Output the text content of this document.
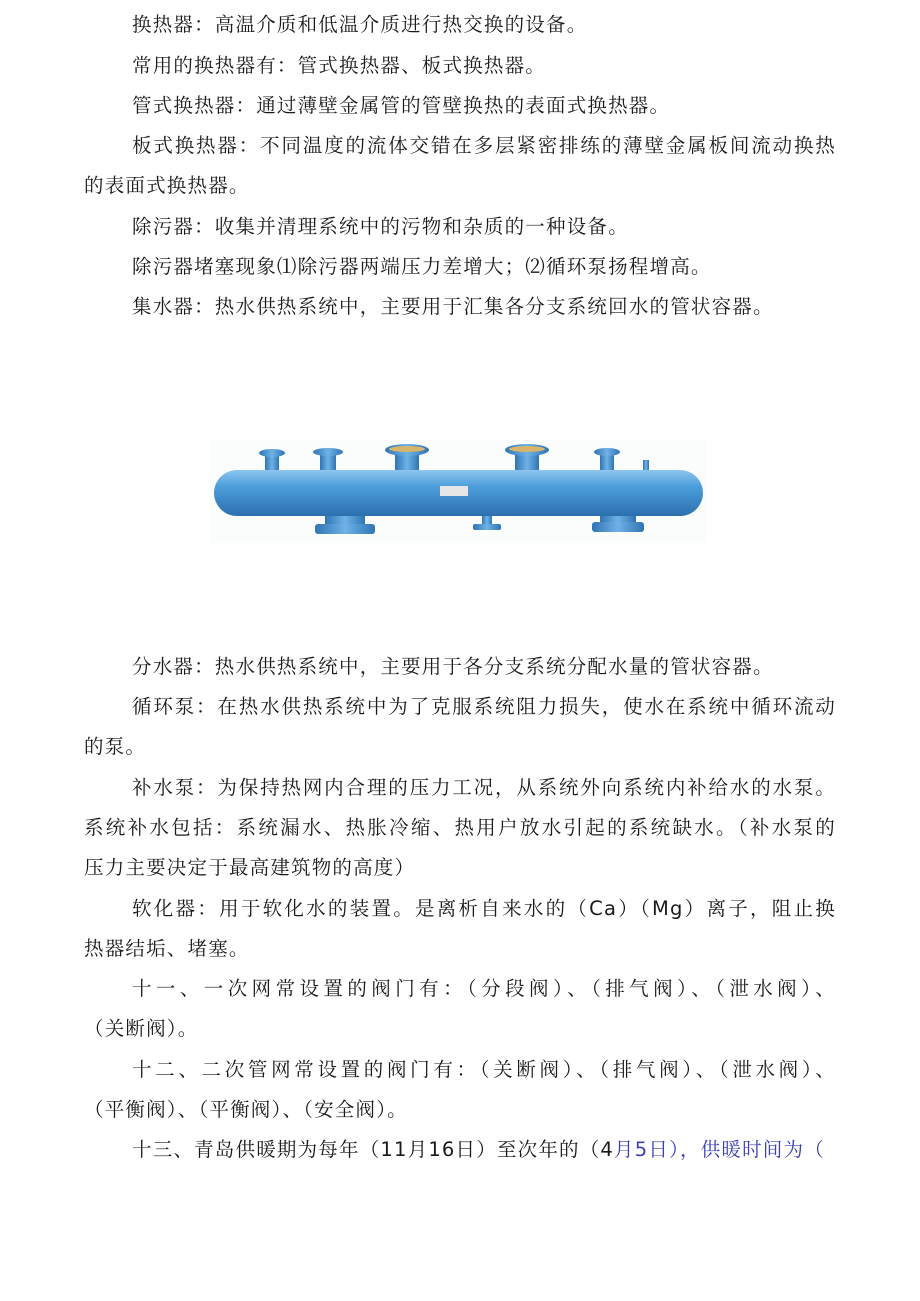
换热器：高温介质和低温介质进行热交换的设备。
常用的换热器有：管式换热器、板式换热器。
管式换热器：通过薄壁金属管的管壁换热的表面式换热器。
板式换热器：不同温度的流体交错在多层紧密排练的薄壁金属板间流动换热
的表面式换热器。
除污器：收集并清理系统中的污物和杂质的一种设备。
除污器堵塞现象⑴除污器两端压力差增大；⑵循环泵扬程增高。
集水器：热水供热系统中，主要用于汇集各分支系统回水的管状容器。
分水器：热水供热系统中，主要用于各分支系统分配水量的管状容器。
循环泵：在热水供热系统中为了克服系统阻力损失，使水在系统中循环流动
的泵。
补水泵：为保持热网内合理的压力工况，从系统外向系统内补给水的水泵。
系统补水包括：系统漏水、热胀冷缩、热用户放水引起的系统缺水。（补水泵的
压力主要决定于最高建筑物的高度）
软化器：用于软化水的装置。是离析自来水的（Ca）（Mg）离子，阻止换
热器结垢、堵塞。
十一、一次网常设置的阀门有：（分段阀）、（排气阀）、（泄水阀）、
（关断阀）。
十二、二次管网常设置的阀门有：（关断阀）、（排气阀）、（泄水阀）、
（平衡阀）、（平衡阀）、（安全阀）。
十三、青岛供暖期为每年（11月16日）至次年的（4月5日），供暖时间为（
